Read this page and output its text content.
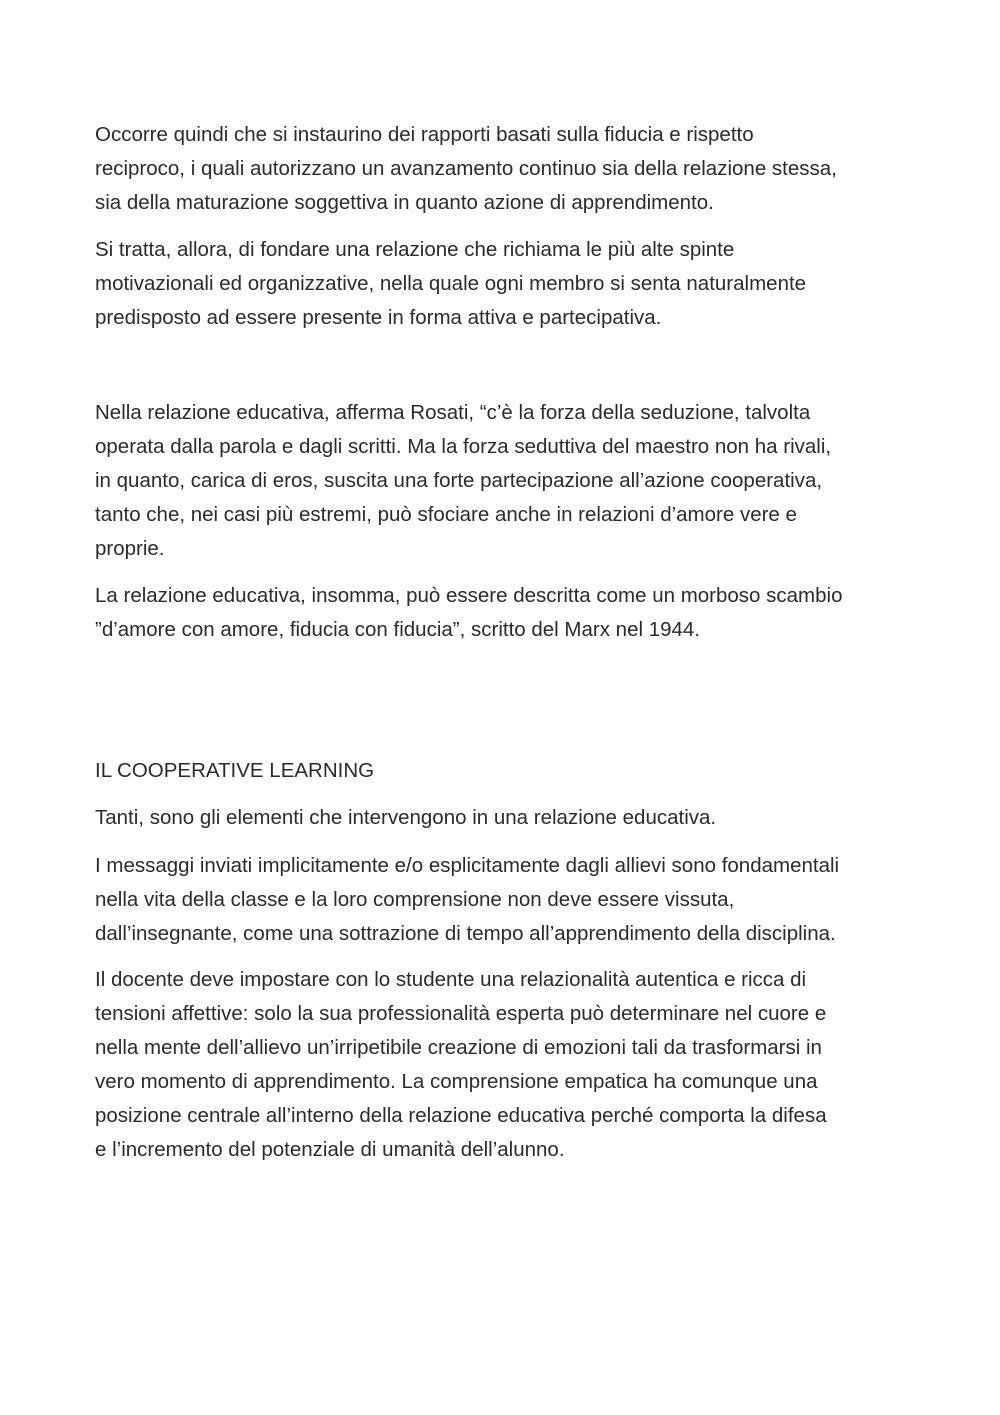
Occorre quindi che si instaurino dei rapporti basati sulla fiducia e rispetto
reciproco, i quali autorizzano un avanzamento continuo sia della relazione stessa,
sia della maturazione soggettiva in quanto azione di apprendimento.

Si tratta, allora, di fondare una relazione che richiama le più alte spinte
motivazionali ed organizzative, nella quale ogni membro si senta naturalmente
predisposto ad essere presente in forma attiva e partecipativa.

Nella relazione educativa, afferma Rosati, “c’è la forza della seduzione, talvolta
operata dalla parola e dagli scritti. Ma la forza seduttiva del maestro non ha rivali,
in quanto, carica di eros, suscita una forte partecipazione all’azione cooperativa,
tanto che, nei casi più estremi, può sfociare anche in relazioni d’amore vere e
proprie.

La relazione educativa, insomma, può essere descritta come un morboso scambio
”d’amore con amore, fiducia con fiducia”, scritto del Marx nel 1944.

IL COOPERATIVE LEARNING

Tanti, sono gli elementi che intervengono in una relazione educativa.

I messaggi inviati implicitamente e/o esplicitamente dagli allievi sono fondamentali
nella vita della classe e la loro comprensione non deve essere vissuta,
dall’insegnante, come una sottrazione di tempo all’apprendimento della disciplina.

Il docente deve impostare con lo studente una relazionalità autentica e ricca di
tensioni affettive: solo la sua professionalità esperta può determinare nel cuore e
nella mente dell’allievo un’irripetibile creazione di emozioni tali da trasformarsi in
vero momento di apprendimento. La comprensione empatica ha comunque una
posizione centrale all’interno della relazione educativa perché comporta la difesa
e l’incremento del potenziale di umanità dell’alunno.
